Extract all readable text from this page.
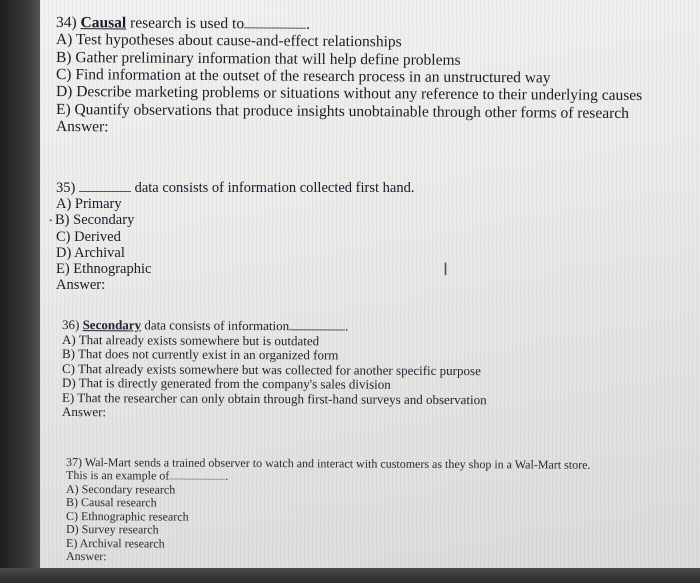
34) Causal research is used to	.
A) Test hypotheses about cause-and-effect relationships
B) Gather preliminary information that will help define problems
C) Find information at the outset of the research process in an unstructured way
D) Describe marketing problems or situations without any reference to their underlying causes
E) Quantify observations that produce insights unobtainable through other forms of research
Answer:
35)	data consists of information collected first hand.
A) Primary
• B) Secondary
C) Derived
D) Archival
E) Ethnographic
Answer:
I
36) Secondary data consists of information	.
A) That already exists somewhere but is outdated
B) That does not currently exist in an organized form
C) That already exists somewhere but was collected for another specific purpose
D) That is directly generated from the company's sales division
E) That the researcher can only obtain through first-hand surveys and observation
Answer:
37) Wal-Mart sends a trained observer to watch and interact with customers as they shop in a Wal-Mart store.
This is an example of	.
A) Secondary research
B) Causal research
C) Ethnographic research
D) Survey research
E) Archival research
Answer:
